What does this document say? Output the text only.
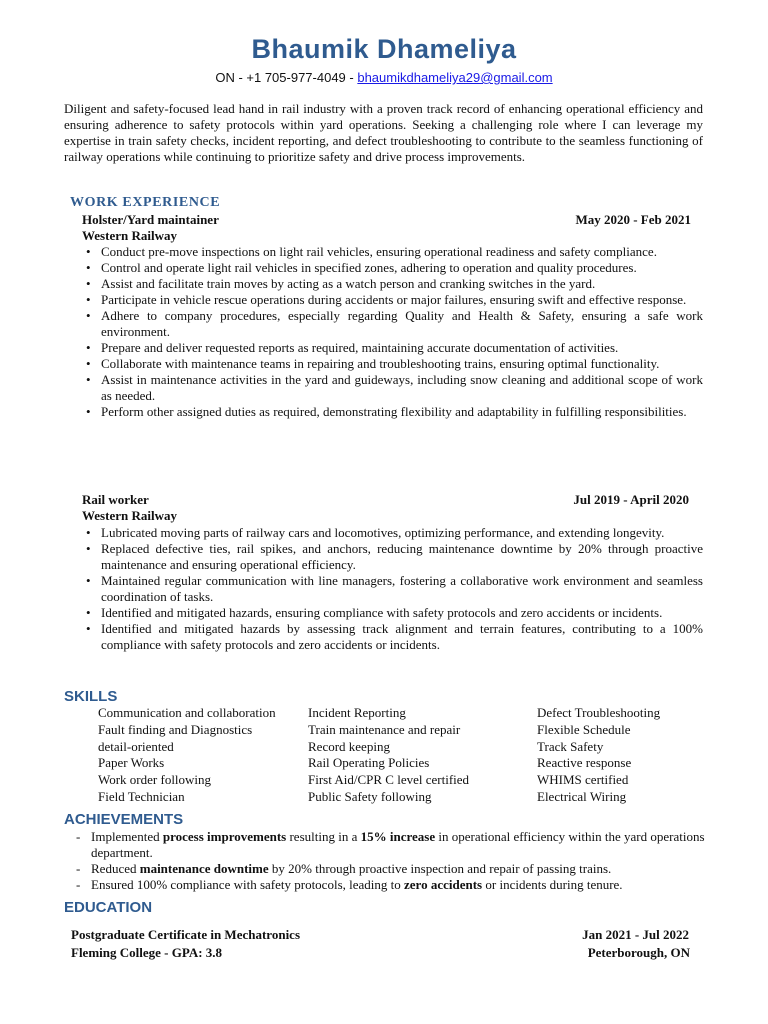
Bhaumik Dhameliya
ON - +1 705-977-4049 - bhaumikdhameliya29@gmail.com
Diligent and safety-focused lead hand in rail industry with a proven track record of enhancing operational efficiency and ensuring adherence to safety protocols within yard operations. Seeking a challenging role where I can leverage my expertise in train safety checks, incident reporting, and defect troubleshooting to contribute to the seamless functioning of railway operations while continuing to prioritize safety and drive process improvements.
WORK EXPERIENCE
Holster/Yard maintainer	May 2020 - Feb 2021
Western Railway
• Conduct pre-move inspections on light rail vehicles, ensuring operational readiness and safety compliance.
• Control and operate light rail vehicles in specified zones, adhering to operation and quality procedures.
• Assist and facilitate train moves by acting as a watch person and cranking switches in the yard.
• Participate in vehicle rescue operations during accidents or major failures, ensuring swift and effective response.
• Adhere to company procedures, especially regarding Quality and Health & Safety, ensuring a safe work environment.
• Prepare and deliver requested reports as required, maintaining accurate documentation of activities.
• Collaborate with maintenance teams in repairing and troubleshooting trains, ensuring optimal functionality.
• Assist in maintenance activities in the yard and guideways, including snow cleaning and additional scope of work as needed.
• Perform other assigned duties as required, demonstrating flexibility and adaptability in fulfilling responsibilities.
Rail worker	Jul 2019 - April 2020
Western Railway
• Lubricated moving parts of railway cars and locomotives, optimizing performance, and extending longevity.
• Replaced defective ties, rail spikes, and anchors, reducing maintenance downtime by 20% through proactive maintenance and ensuring operational efficiency.
• Maintained regular communication with line managers, fostering a collaborative work environment and seamless coordination of tasks.
• Identified and mitigated hazards, ensuring compliance with safety protocols and zero accidents or incidents.
• Identified and mitigated hazards by assessing track alignment and terrain features, contributing to a 100% compliance with safety protocols and zero accidents or incidents.
SKILLS
Communication and collaboration	Incident Reporting	Defect Troubleshooting
Fault finding and Diagnostics	Train maintenance and repair	Flexible Schedule
detail-oriented	Record keeping	Track Safety
Paper Works	Rail Operating Policies	Reactive response
Work order following	First Aid/CPR C level certified	WHIMS certified
Field Technician	Public Safety following	Electrical Wiring
ACHIEVEMENTS
- Implemented process improvements resulting in a 15% increase in operational efficiency within the yard operations department.
- Reduced maintenance downtime by 20% through proactive inspection and repair of passing trains.
- Ensured 100% compliance with safety protocols, leading to zero accidents or incidents during tenure.
EDUCATION
Postgraduate Certificate in Mechatronics	Jan 2021 - Jul 2022
Fleming College - GPA: 3.8	Peterborough, ON
